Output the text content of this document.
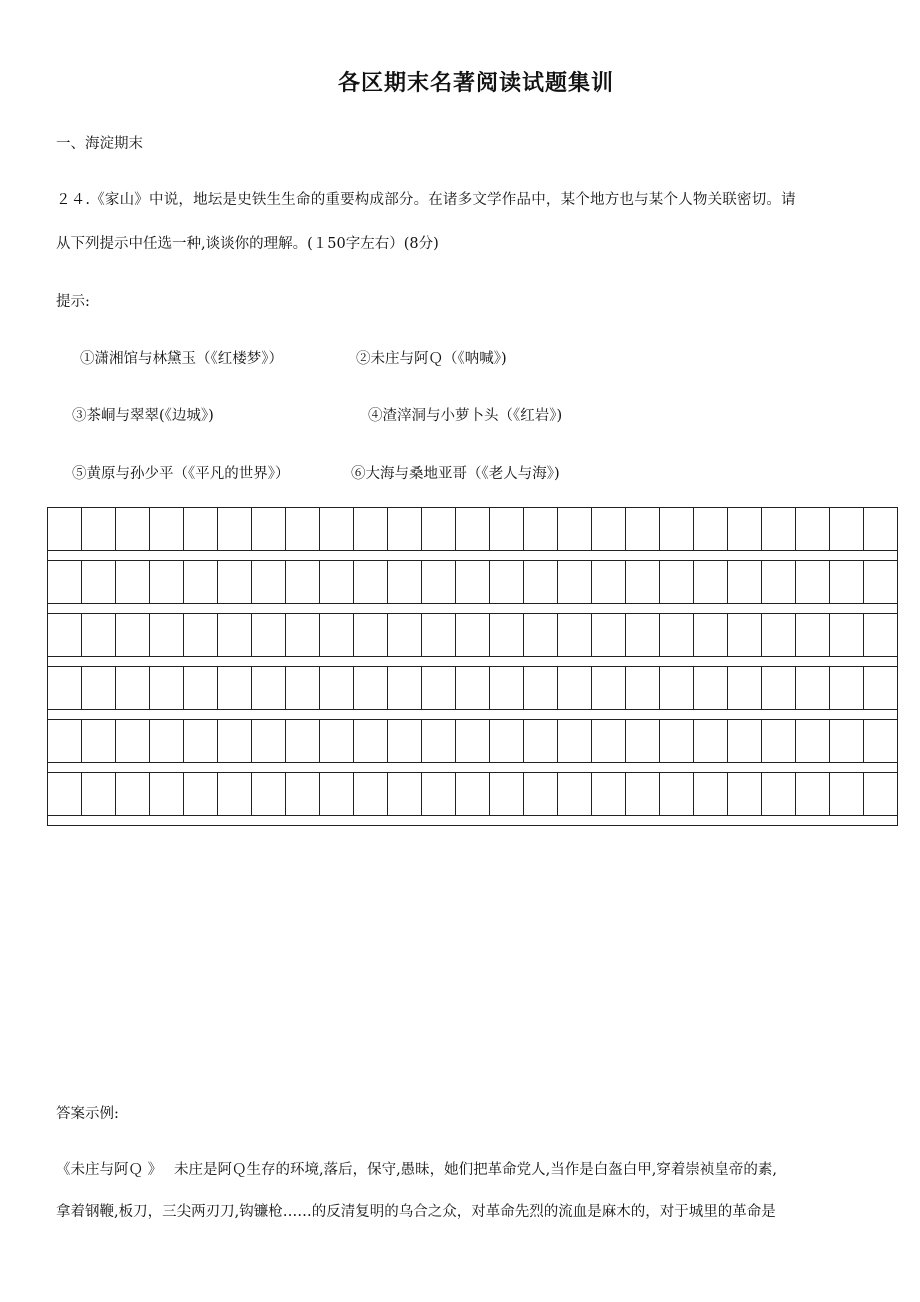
各区期末名著阅读试题集训
一、海淀期末
２４.《家山》中说，地坛是史铁生生命的重要构成部分。在诸多文学作品中，某个地方也与某个人物关联密切。请
从下列提示中任选一种,谈谈你的理解。(１50字左右）(8分)
提示:
①潇湘馆与林黛玉（《红楼梦》）	②未庄与阿Ｑ（《呐喊》)
③茶峒与翠翠(《边城》)	④渣滓洞与小萝卜头（《红岩》)
⑤黄原与孙少平（《平凡的世界》）	⑥大海与桑地亚哥（《老人与海》)

答案示例:
《未庄与阿Ｑ 》　 未庄是阿Ｑ生存的环境,落后，保守,愚昧，她们把革命党人,当作是白盔白甲,穿着崇祯皇帝的素,
拿着钢鞭,板刀，三尖两刃刀,钩镰枪……的反清复明的乌合之众，对革命先烈的流血是麻木的，对于城里的革命是
